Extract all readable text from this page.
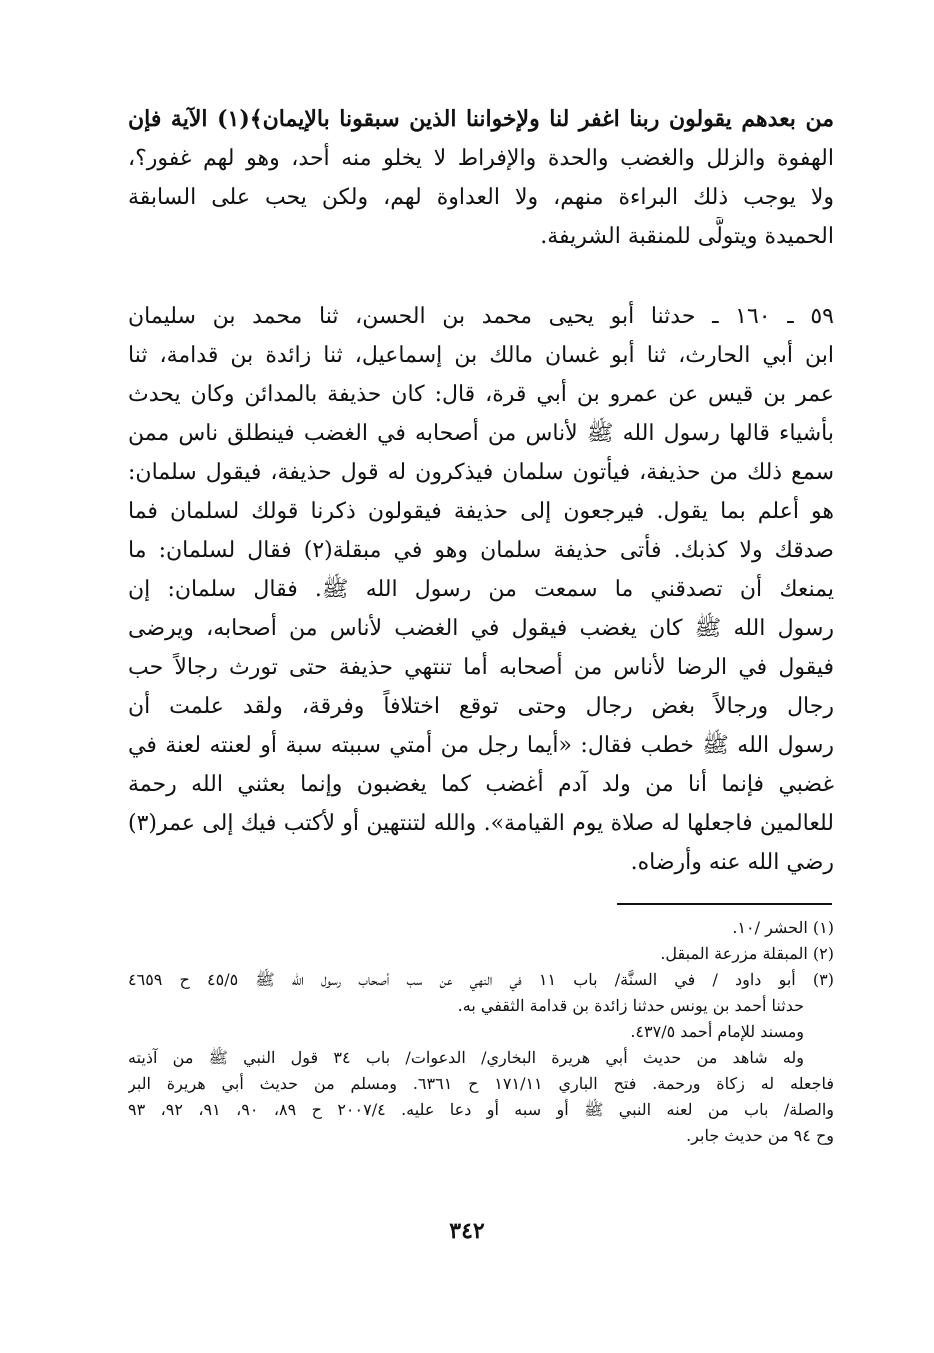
من بعدهم يقولون ربنا اغفر لنا ولإخواننا الذين سبقونا بالإيمان﴾(١) الآية فإن
الهفوة والزلل والغضب والحدة والإفراط لا يخلو منه أحد، وهو لهم غفور؟،
ولا يوجب ذلك البراءة منهم، ولا العداوة لهم، ولكن يحب على السابقة
الحميدة ويتولَّى للمنقبة الشريفة.
٥٩ ـ ١٦٠ ـ حدثنا أبو يحيى محمد بن الحسن، ثنا محمد بن سليمان
ابن أبي الحارث، ثنا أبو غسان مالك بن إسماعيل، ثنا زائدة بن قدامة، ثنا
عمر بن قيس عن عمرو بن أبي قرة، قال: كان حذيفة بالمدائن وكان يحدث
بأشياء قالها رسول الله ﷺ لأناس من أصحابه في الغضب فينطلق ناس ممن
سمع ذلك من حذيفة، فيأتون سلمان فيذكرون له قول حذيفة، فيقول سلمان:
هو أعلم بما يقول. فيرجعون إلى حذيفة فيقولون ذكرنا قولك لسلمان فما
صدقك ولا كذبك. فأتى حذيفة سلمان وهو في مبقلة(٢) فقال لسلمان: ما
يمنعك أن تصدقني ما سمعت من رسول الله ﷺ. فقال سلمان: إن
رسول الله ﷺ كان يغضب فيقول في الغضب لأناس من أصحابه، ويرضى
فيقول في الرضا لأناس من أصحابه أما تنتهي حذيفة حتى تورث رجالاً حب
رجال ورجالاً بغض رجال وحتى توقع اختلافاً وفرقة، ولقد علمت أن
رسول الله ﷺ خطب فقال: «أيما رجل من أمتي سببته سبة أو لعنته لعنة في
غضبي فإنما أنا من ولد آدم أغضب كما يغضبون وإنما بعثني الله رحمة
للعالمين فاجعلها له صلاة يوم القيامة». والله لتنتهين أو لأكتب فيك إلى عمر(٣)
رضي الله عنه وأرضاه.
(١) الحشر /١٠.
(٢) المبقلة مزرعة المبقل.
(٣) أبو داود / في السنَّة/ باب ١١ في النهي عن سب أصحاب رسول الله ﷺ ٤٥/٥ ح ٤٦٥٩
حدثنا أحمد بن يونس حدثنا زائدة بن قدامة الثقفي به.
ومسند للإمام أحمد ٤٣٧/٥.
وله شاهد من حديث أبي هريرة البخاري/ الدعوات/ باب ٣٤ قول النبي ﷺ من آذيته
فاجعله له زكاة ورحمة. فتح الباري ١٧١/١١ ح ٦٣٦١. ومسلم من حديث أبي هريرة البر
والصلة/ باب من لعنه النبي ﷺ أو سبه أو دعا عليه. ٢٠٠٧/٤ ح ٨٩، ٩٠، ٩١، ٩٢، ٩٣
وح ٩٤ من حديث جابر.
٣٤٢
